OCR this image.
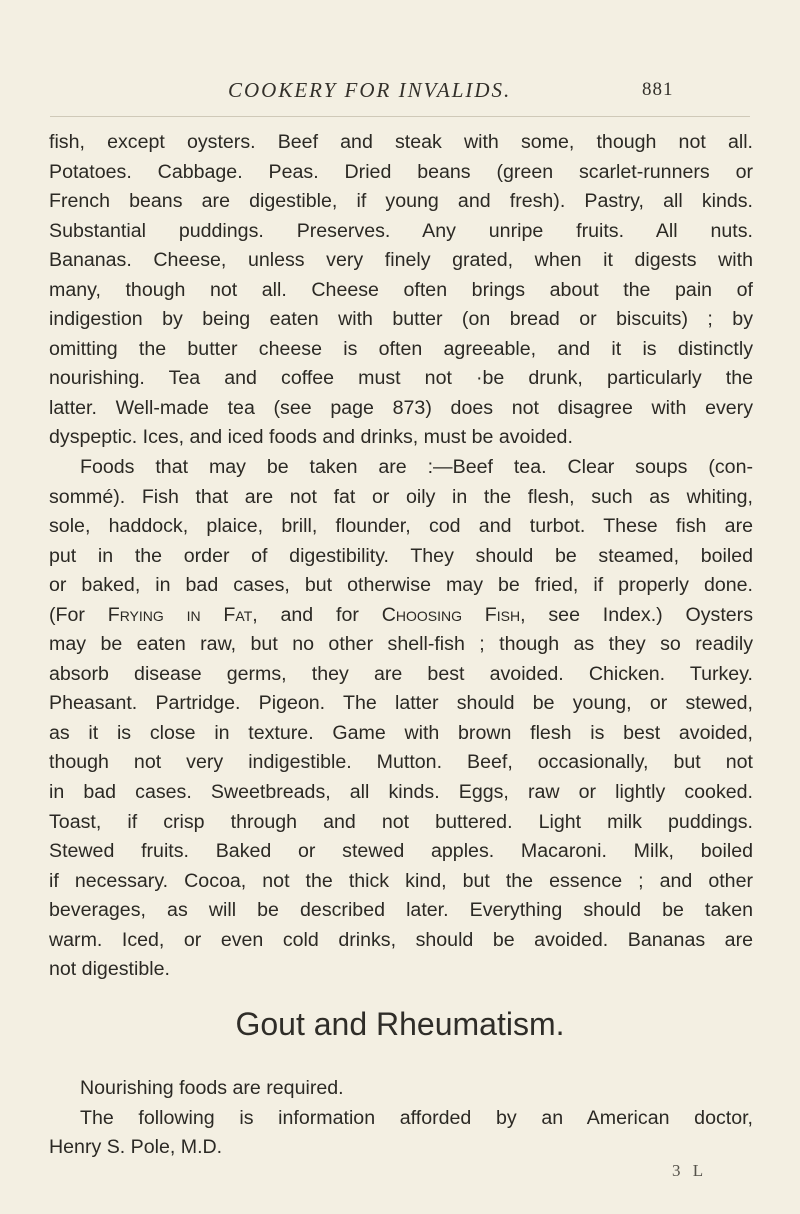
COOKERY FOR INVALIDS.	881
fish, except oysters. Beef and steak with some, though not all.
Potatoes. Cabbage. Peas. Dried beans (green scarlet-runners or
French beans are digestible, if young and fresh). Pastry, all kinds.
Substantial puddings. Preserves. Any unripe fruits. All nuts.
Bananas. Cheese, unless very finely grated, when it digests with
many, though not all. Cheese often brings about the pain of
indigestion by being eaten with butter (on bread or biscuits) ; by
omitting the butter cheese is often agreeable, and it is distinctly
nourishing. Tea and coffee must not ·be drunk, particularly the
latter. Well-made tea (see page 873) does not disagree with every
dyspeptic. Ices, and iced foods and drinks, must be avoided.
Foods that may be taken are :—Beef tea. Clear soups (con-
sommé). Fish that are not fat or oily in the flesh, such as whiting,
sole, haddock, plaice, brill, flounder, cod and turbot. These fish are
put in the order of digestibility. They should be steamed, boiled
or baked, in bad cases, but otherwise may be fried, if properly done.
(For Frying in Fat, and for Choosing Fish, see Index.) Oysters
may be eaten raw, but no other shell-fish ; though as they so readily
absorb disease germs, they are best avoided. Chicken. Turkey.
Pheasant. Partridge. Pigeon. The latter should be young, or stewed,
as it is close in texture. Game with brown flesh is best avoided,
though not very indigestible. Mutton. Beef, occasionally, but not
in bad cases. Sweetbreads, all kinds. Eggs, raw or lightly cooked.
Toast, if crisp through and not buttered. Light milk puddings.
Stewed fruits. Baked or stewed apples. Macaroni. Milk, boiled
if necessary. Cocoa, not the thick kind, but the essence ; and other
beverages, as will be described later. Everything should be taken
warm. Iced, or even cold drinks, should be avoided. Bananas are
not digestible.
Gout and Rheumatism.
Nourishing foods are required.
The following is information afforded by an American doctor,
Henry S. Pole, M.D.
3 L
